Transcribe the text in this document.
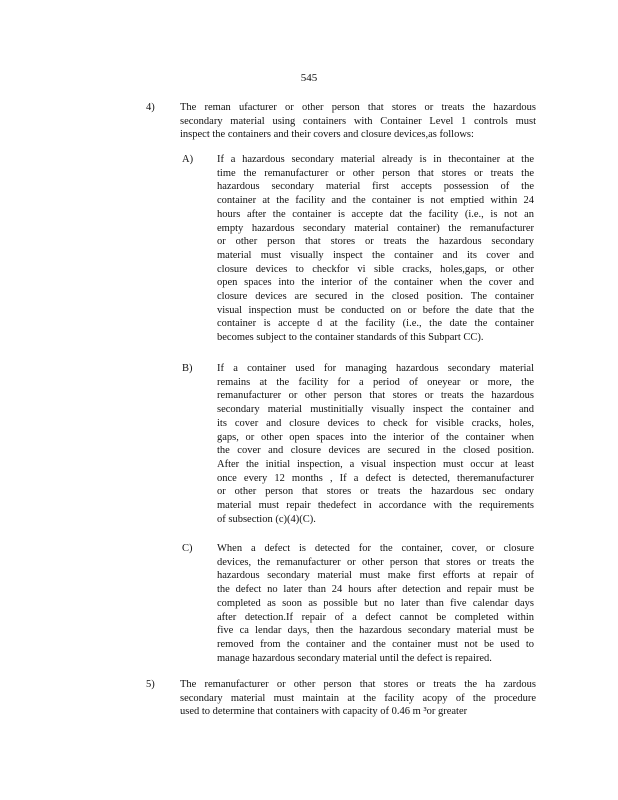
545
4) The reman ufacturer or other person that stores or treats the hazardous
secondary material using containers with Container Level 1 controls must
inspect the containers and their covers and closure devices,as follows:
A) If a hazardous secondary material already is in thecontainer at the
time the remanufacturer or other person that stores or treats the
hazardous secondary material first accepts possession of the
container at the facility and the container is not emptied within 24
hours after the container is accepte dat the facility (i.e., is not an
empty hazardous secondary material container) the remanufacturer
or other person that stores or treats the hazardous secondary
material must visually inspect the container and its cover and
closure devices to checkfor vi sible cracks, holes,gaps, or other
open spaces into the interior of the container when the cover and
closure devices are secured in the closed position. The container
visual inspection must be conducted on or before the date that the
container is accepte d at the facility (i.e., the date the container
becomes subject to the container standards of this Subpart CC).
B) If a container used for managing hazardous secondary material
remains at the facility for a period of oneyear or more, the
remanufacturer or other person that stores or treats the hazardous
secondary material mustinitially visually inspect the container and
its cover and closure devices to check for visible cracks, holes,
gaps, or other open spaces into the interior of the container when
the cover and closure devices are secured in the closed position.
After the initial inspection, a visual inspection must occur at least
once every 12 months , If a defect is detected, theremanufacturer
or other person that stores or treats the hazardous sec ondary
material must repair thedefect in accordance with the requirements
of subsection (c)(4)(C).
C) When a defect is detected for the container, cover, or closure
devices, the remanufacturer or other person that stores or treats the
hazardous secondary material must make first efforts at repair of
the defect no later than 24 hours after detection and repair must be
completed as soon as possible but no later than five calendar days
after detection.If repair of a defect cannot be completed within
five ca lendar days, then the hazardous secondary material must be
removed from the container and the container must not be used to
manage hazardous secondary material until the defect is repaired.
5) The remanufacturer or other person that stores or treats the ha zardous
secondary material must maintain at the facility acopy of the procedure
used to determine that containers with capacity of 0.46 m ³or greater
